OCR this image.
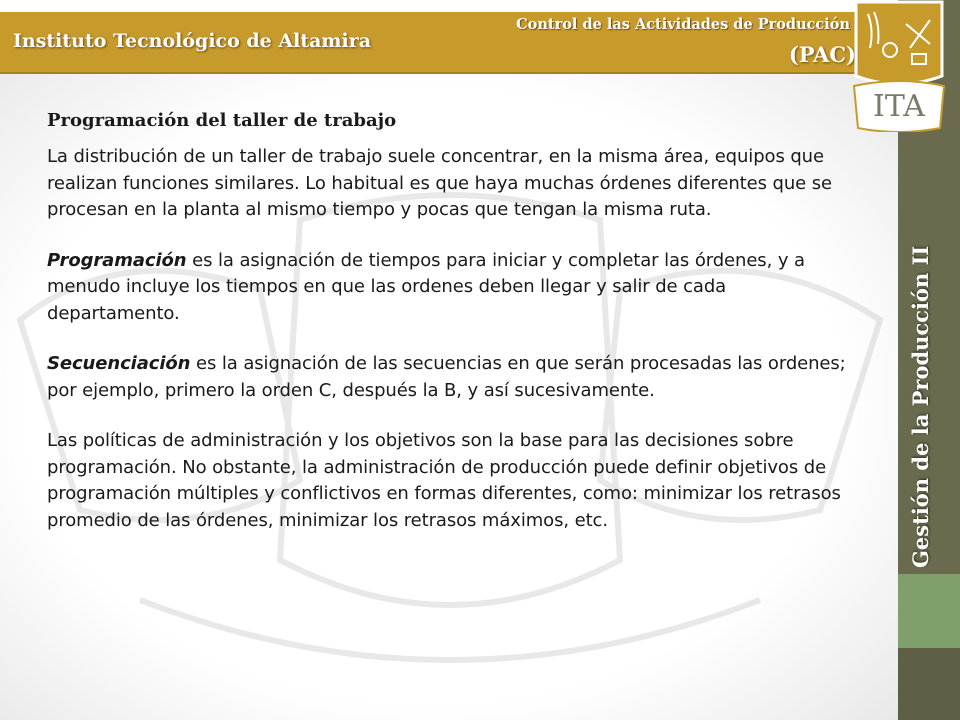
Instituto Tecnológico de Altamira
Control de las Actividades de Producción
(PAC)
Gestión de la Producción II
ITA
Programación del taller de trabajo

La distribución de un taller de trabajo suele concentrar, en la misma área, equipos que realizan funciones similares. Lo habitual es que haya muchas órdenes diferentes que se procesan en la planta al mismo tiempo y pocas que tengan la misma ruta.

Programación es la asignación de tiempos para iniciar y completar las órdenes, y a menudo incluye los tiempos en que las ordenes deben llegar y salir de cada departamento.

Secuenciación es la asignación de las secuencias en que serán procesadas las ordenes; por ejemplo, primero la orden C, después la B, y así sucesivamente.

Las políticas de administración y los objetivos son la base para las decisiones sobre programación. No obstante, la administración de producción puede definir objetivos de programación múltiples y conflictivos en formas diferentes, como: minimizar los retrasos promedio de las órdenes, minimizar los retrasos máximos, etc.
